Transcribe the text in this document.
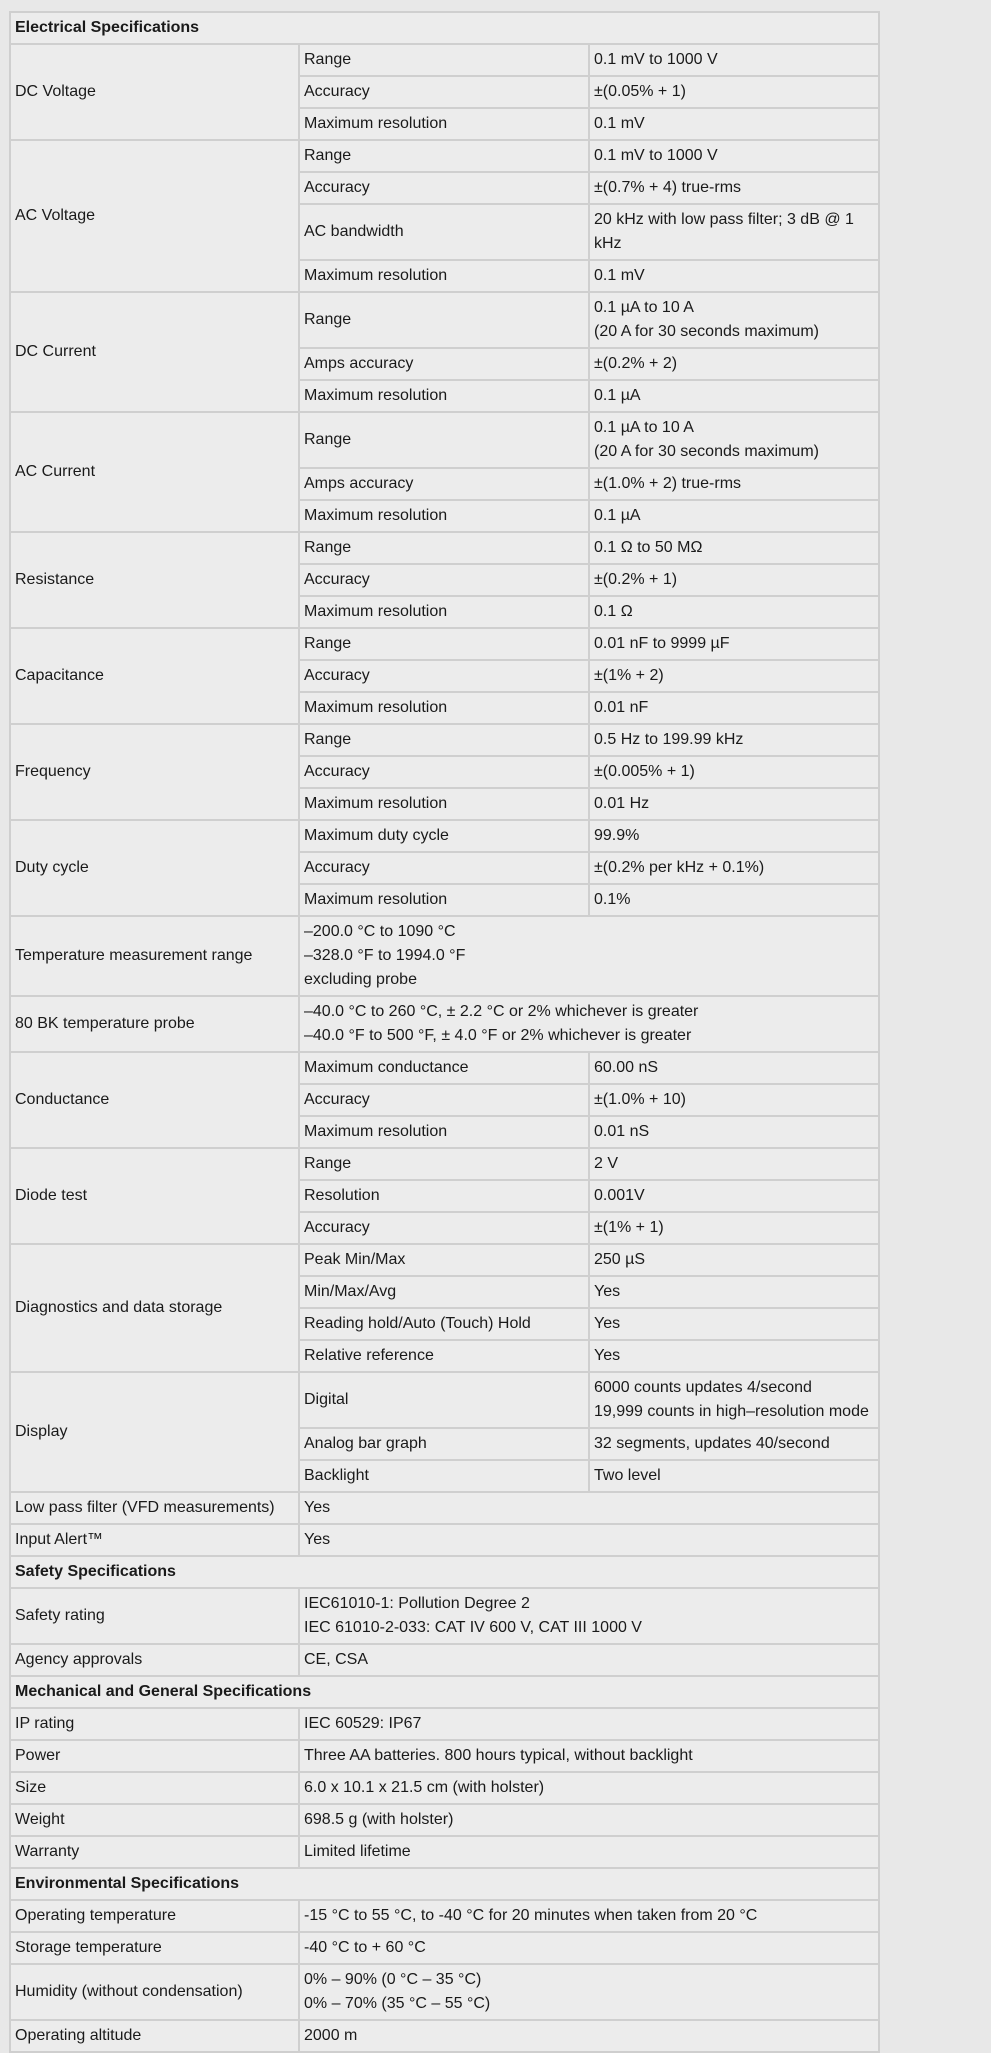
Electrical Specifications		
DC Voltage	Range	0.1 mV to 1000 V
	Accuracy	±(0.05% + 1)
	Maximum resolution	0.1 mV
AC Voltage	Range	0.1 mV to 1000 V
	Accuracy	±(0.7% + 4) true-rms
	AC bandwidth	20 kHz with low pass filter; 3 dB @ 1 kHz
	Maximum resolution	0.1 mV
DC Current	Range	0.1 µA to 10 A
(20 A for 30 seconds maximum)

	Amps accuracy	±(0.2% + 2)
	Maximum resolution	0.1 µA
AC Current	Range	0.1 µA to 10 A
(20 A for 30 seconds maximum)

	Amps accuracy	±(1.0% + 2) true-rms
	Maximum resolution	0.1 µA
Resistance	Range	0.1 Ω to 50 MΩ
	Accuracy	±(0.2% + 1)
	Maximum resolution	0.1 Ω
Capacitance	Range	0.01 nF to 9999 µF
	Accuracy	±(1% + 2)
	Maximum resolution	0.01 nF
Frequency	Range	0.5 Hz to 199.99 kHz
	Accuracy	±(0.005% + 1)
	Maximum resolution	0.01 Hz
Duty cycle	Maximum duty cycle	99.9%
	Accuracy	±(0.2% per kHz + 0.1%)
	Maximum resolution	0.1%
Temperature measurement range	–200.0 °C to 1090 °C
–328.0 °F to 1994.0 °F
excluding probe	

80 BK temperature probe	–40.0 °C to 260 °C, ± 2.2 °C or 2% whichever is greater
–40.0 °F to 500 °F, ± 4.0 °F or 2% whichever is greater	

Conductance	Maximum conductance	60.00 nS
	Accuracy	±(1.0% + 10)
	Maximum resolution	0.01 nS
Diode test	Range	2 V
	Resolution	0.001V
	Accuracy	±(1% + 1)
Diagnostics and data storage	Peak Min/Max	250 µS
	Min/Max/Avg	Yes
	Reading hold/Auto (Touch) Hold	Yes
	Relative reference	Yes
Display	Digital	6000 counts updates 4/second
19,999 counts in high–resolution mode

	Analog bar graph	32 segments, updates 40/second
	Backlight	Two level
Low pass filter (VFD measurements)	Yes	
Input Alert™	Yes	
Safety Specifications		
Safety rating	IEC61010-1: Pollution Degree 2
IEC 61010-2-033: CAT IV 600 V, CAT III 1000 V	

Agency approvals	CE, CSA	
Mechanical and General Specifications		
IP rating	IEC 60529: IP67	
Power	Three AA batteries. 800 hours typical, without backlight	
Size	6.0 x 10.1 x 21.5 cm (with holster)	
Weight	698.5 g (with holster)	
Warranty	Limited lifetime	
Environmental Specifications		
Operating temperature	-15 °C to 55 °C, to -40 °C for 20 minutes when taken from 20 °C	
Storage temperature	-40 °C to + 60 °C	
Humidity (without condensation)	0% – 90% (0 °C – 35 °C)
0% – 70% (35 °C – 55 °C)	

Operating altitude	2000 m	
